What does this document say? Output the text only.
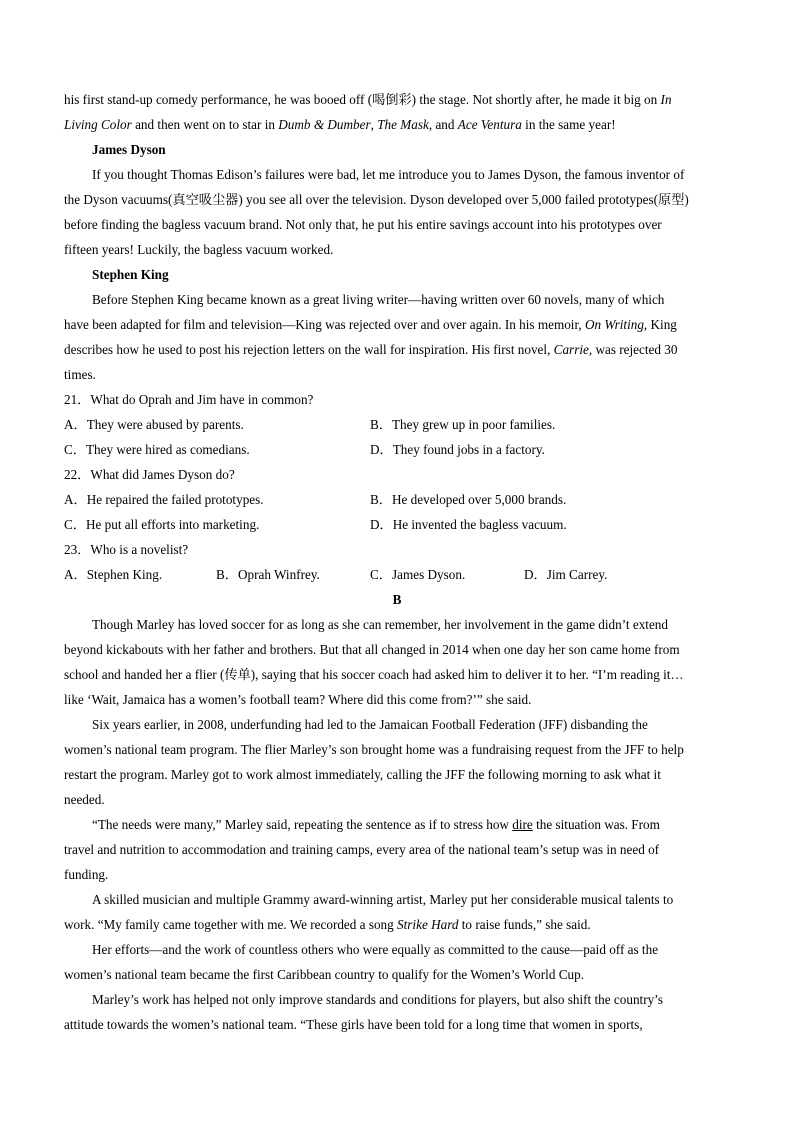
his first stand-up comedy performance, he was booed off (喝倒彩) the stage. Not shortly after, he made it big on In
Living Color and then went on to star in Dumb & Dumber, The Mask, and Ace Ventura in the same year!
James Dyson
If you thought Thomas Edison’s failures were bad, let me introduce you to James Dyson, the famous inventor of
the Dyson vacuums(真空吸尘器) you see all over the television. Dyson developed over 5,000 failed prototypes(原型)
before finding the bagless vacuum brand. Not only that, he put his entire savings account into his prototypes over
fifteen years! Luckily, the bagless vacuum worked.
Stephen King
Before Stephen King became known as a great living writer—having written over 60 novels, many of which
have been adapted for film and television—King was rejected over and over again. In his memoir, On Writing, King
describes how he used to post his rejection letters on the wall for inspiration. His first novel, Carrie, was rejected 30
times.
21．What do Oprah and Jim have in common?
A．They were abused by parents.	B．They grew up in poor families.
C．They were hired as comedians.	D．They found jobs in a factory.
22．What did James Dyson do?
A．He repaired the failed prototypes.	B．He developed over 5,000 brands.
C．He put all efforts into marketing.	D．He invented the bagless vacuum.
23．Who is a novelist?
A．Stephen King.	B．Oprah Winfrey.	C．James Dyson.	D．Jim Carrey.
B
Though Marley has loved soccer for as long as she can remember, her involvement in the game didn’t extend
beyond kickabouts with her father and brothers. But that all changed in 2014 when one day her son came home from
school and handed her a flier (传单), saying that his soccer coach had asked him to deliver it to her. “I’m reading it…
like ‘Wait, Jamaica has a women’s football team? Where did this come from?’” she said.
Six years earlier, in 2008, underfunding had led to the Jamaican Football Federation (JFF) disbanding the
women’s national team program. The flier Marley’s son brought home was a fundraising request from the JFF to help
restart the program. Marley got to work almost immediately, calling the JFF the following morning to ask what it
needed.
“The needs were many,” Marley said, repeating the sentence as if to stress how dire the situation was. From
travel and nutrition to accommodation and training camps, every area of the national team’s setup was in need of
funding.
A skilled musician and multiple Grammy award-winning artist, Marley put her considerable musical talents to
work. “My family came together with me. We recorded a song Strike Hard to raise funds,” she said.
Her efforts—and the work of countless others who were equally as committed to the cause—paid off as the
women’s national team became the first Caribbean country to qualify for the Women’s World Cup.
Marley’s work has helped not only improve standards and conditions for players, but also shift the country’s
attitude towards the women’s national team. “These girls have been told for a long time that women in sports,
